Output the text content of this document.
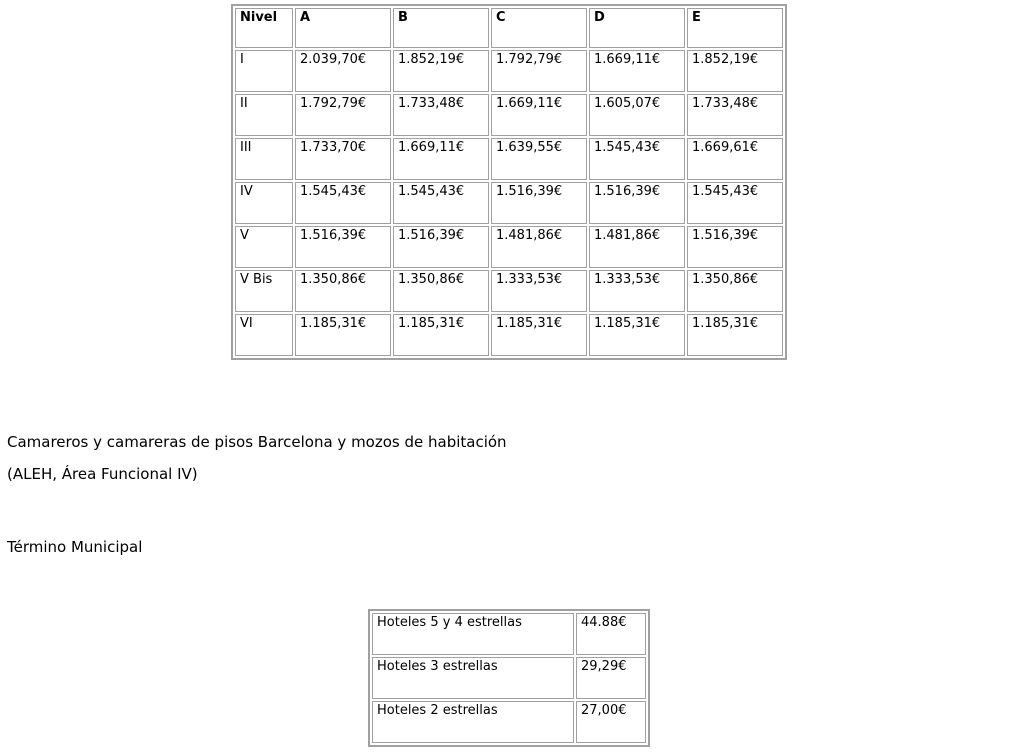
Nivel	A	B	C	D	E
I	2.039,70€	1.852,19€	1.792,79€	1.669,11€	1.852,19€
II	1.792,79€	1.733,48€	1.669,11€	1.605,07€	1.733,48€
III	1.733,70€	1.669,11€	1.639,55€	1.545,43€	1.669,61€
IV	1.545,43€	1.545,43€	1.516,39€	1.516,39€	1.545,43€
V	1.516,39€	1.516,39€	1.481,86€	1.481,86€	1.516,39€
V Bis	1.350,86€	1.350,86€	1.333,53€	1.333,53€	1.350,86€
VI	1.185,31€	1.185,31€	1.185,31€	1.185,31€	1.185,31€
Camareros y camareras de pisos Barcelona y mozos de habitación
(ALEH, Área Funcional IV)
Término Municipal
Hoteles 5 y 4 estrellas	44.88€
Hoteles 3 estrellas	29,29€
Hoteles 2 estrellas	27,00€
